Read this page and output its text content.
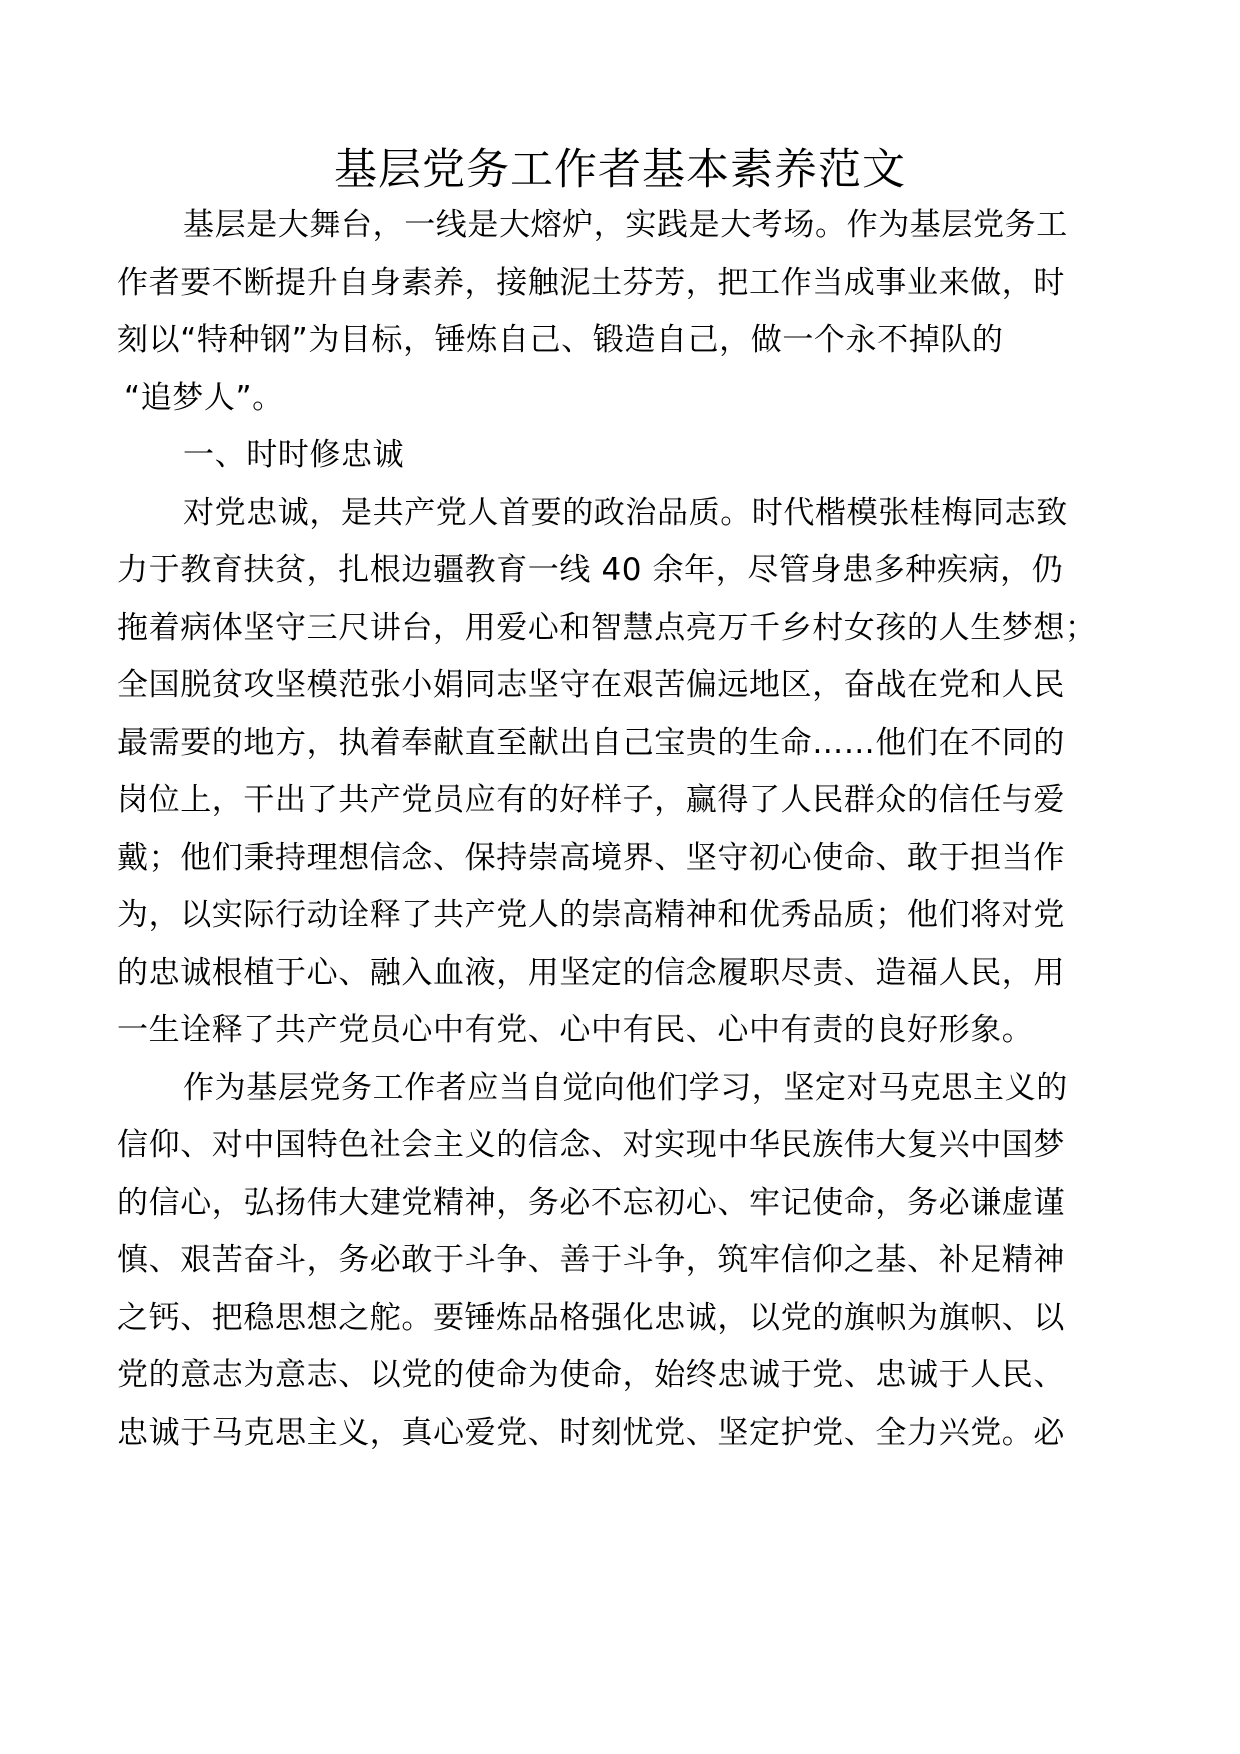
基层党务工作者基本素养范文
基层是大舞台，一线是大熔炉，实践是大考场。作为基层党务工
作者要不断提升自身素养，接触泥土芬芳，把工作当成事业来做，时
刻以“特种钢”为目标，锤炼自己、锻造自己，做一个永不掉队的
“追梦人”。
一、时时修忠诚
对党忠诚，是共产党人首要的政治品质。时代楷模张桂梅同志致
力于教育扶贫，扎根边疆教育一线 40 余年，尽管身患多种疾病，仍
拖着病体坚守三尺讲台，用爱心和智慧点亮万千乡村女孩的人生梦想；
全国脱贫攻坚模范张小娟同志坚守在艰苦偏远地区，奋战在党和人民
最需要的地方，执着奉献直至献出自己宝贵的生命……他们在不同的
岗位上，干出了共产党员应有的好样子，赢得了人民群众的信任与爱
戴；他们秉持理想信念、保持崇高境界、坚守初心使命、敢于担当作
为，以实际行动诠释了共产党人的崇高精神和优秀品质；他们将对党
的忠诚根植于心、融入血液，用坚定的信念履职尽责、造福人民，用
一生诠释了共产党员心中有党、心中有民、心中有责的良好形象。
作为基层党务工作者应当自觉向他们学习，坚定对马克思主义的
信仰、对中国特色社会主义的信念、对实现中华民族伟大复兴中国梦
的信心，弘扬伟大建党精神，务必不忘初心、牢记使命，务必谦虚谨
慎、艰苦奋斗，务必敢于斗争、善于斗争，筑牢信仰之基、补足精神
之钙、把稳思想之舵。要锤炼品格强化忠诚，以党的旗帜为旗帜、以
党的意志为意志、以党的使命为使命，始终忠诚于党、忠诚于人民、
忠诚于马克思主义，真心爱党、时刻忧党、坚定护党、全力兴党。必
